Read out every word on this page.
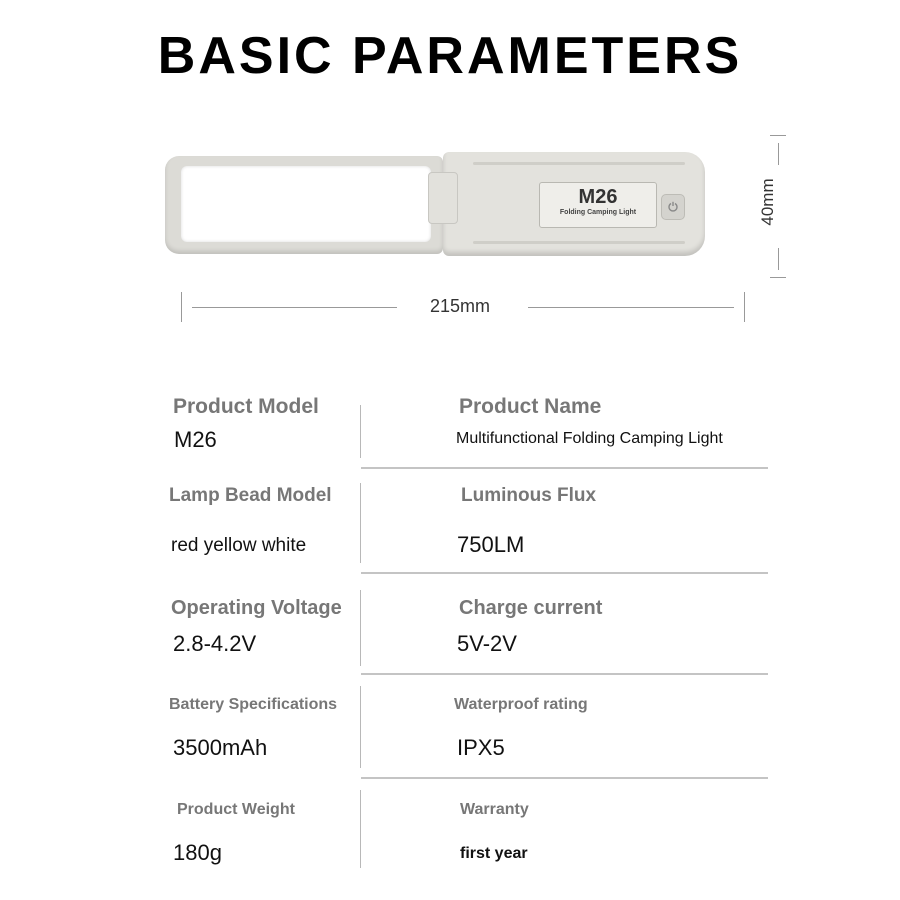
BASIC PARAMETERS
M26
Folding Camping Light
215mm
40mm
Product Model
M26
Product Name
Multifunctional Folding Camping Light
Lamp Bead Model
red yellow white
Luminous Flux
750LM
Operating Voltage
2.8-4.2V
Charge current
5V-2V
Battery Specifications
3500mAh
Waterproof rating
IPX5
Product Weight
180g
Warranty
first year
